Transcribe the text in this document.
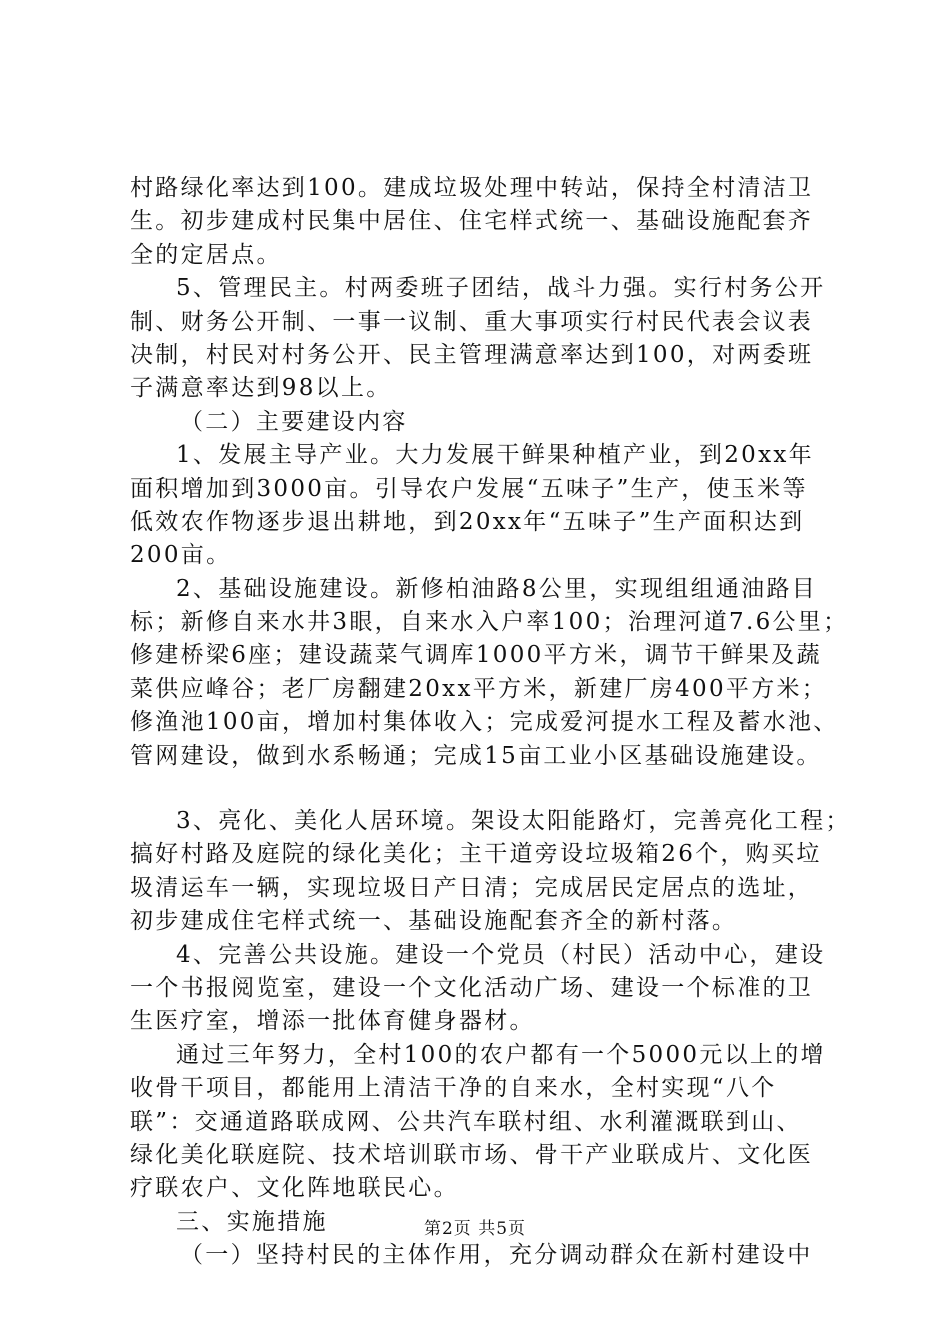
村路绿化率达到100。建成垃圾处理中转站，保持全村清洁卫
生。初步建成村民集中居住、住宅样式统一、基础设施配套齐
全的定居点。
5、管理民主。村两委班子团结，战斗力强。实行村务公开
制、财务公开制、一事一议制、重大事项实行村民代表会议表
决制，村民对村务公开、民主管理满意率达到100，对两委班
子满意率达到98以上。
（二）主要建设内容
1、发展主导产业。大力发展干鲜果种植产业，到20xx年
面积增加到3000亩。引导农户发展“五味子”生产，使玉米等
低效农作物逐步退出耕地，到20xx年“五味子”生产面积达到
200亩。
2、基础设施建设。新修柏油路8公里，实现组组通油路目
标；新修自来水井3眼，自来水入户率100；治理河道7.6公里；
修建桥梁6座；建设蔬菜气调库1000平方米，调节干鲜果及蔬
菜供应峰谷；老厂房翻建20xx平方米，新建厂房400平方米；
修渔池100亩，增加村集体收入；完成爱河提水工程及蓄水池、
管网建设，做到水系畅通；完成15亩工业小区基础设施建设。
3、亮化、美化人居环境。架设太阳能路灯，完善亮化工程；
搞好村路及庭院的绿化美化；主干道旁设垃圾箱26个，购买垃
圾清运车一辆，实现垃圾日产日清；完成居民定居点的选址，
初步建成住宅样式统一、基础设施配套齐全的新村落。
4、完善公共设施。建设一个党员（村民）活动中心，建设
一个书报阅览室，建设一个文化活动广场、建设一个标准的卫
生医疗室，增添一批体育健身器材。
通过三年努力，全村100的农户都有一个5000元以上的增
收骨干项目，都能用上清洁干净的自来水，全村实现“八个
联”：交通道路联成网、公共汽车联村组、水利灌溉联到山、
绿化美化联庭院、技术培训联市场、骨干产业联成片、文化医
疗联农户、文化阵地联民心。
三、实施措施
（一）坚持村民的主体作用，充分调动群众在新村建设中
第2页 共5页
